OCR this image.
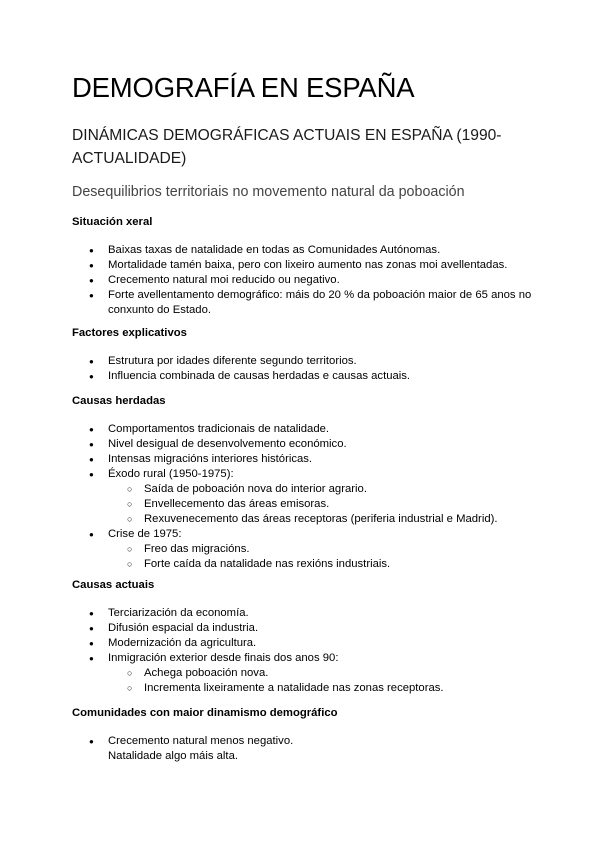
DEMOGRAFÍA EN ESPAÑA
DINÁMICAS DEMOGRÁFICAS ACTUAIS EN ESPAÑA (1990-ACTUALIDADE)
Desequilibrios territoriais no movemento natural da poboación
Situación xeral
● Baixas taxas de natalidade en todas as Comunidades Autónomas.
● Mortalidade tamén baixa, pero con lixeiro aumento nas zonas moi avellentadas.
● Crecemento natural moi reducido ou negativo.
● Forte avellentamento demográfico: máis do 20 % da poboación maior de 65 anos no conxunto do Estado.
Factores explicativos
● Estrutura por idades diferente segundo territorios.
● Influencia combinada de causas herdadas e causas actuais.
Causas herdadas
● Comportamentos tradicionais de natalidade.
● Nivel desigual de desenvolvemento económico.
● Intensas migracións interiores históricas.
● Éxodo rural (1950-1975):
○ Saída de poboación nova do interior agrario.
○ Envellecemento das áreas emisoras.
○ Rexuvenecemento das áreas receptoras (periferia industrial e Madrid).
● Crise de 1975:
○ Freo das migracións.
○ Forte caída da natalidade nas rexións industriais.
Causas actuais
● Terciarización da economía.
● Difusión espacial da industria.
● Modernización da agricultura.
● Inmigración exterior desde finais dos anos 90:
○ Achega poboación nova.
○ Incrementa lixeiramente a natalidade nas zonas receptoras.
Comunidades con maior dinamismo demográfico
● Crecemento natural menos negativo.
Natalidade algo máis alta.
